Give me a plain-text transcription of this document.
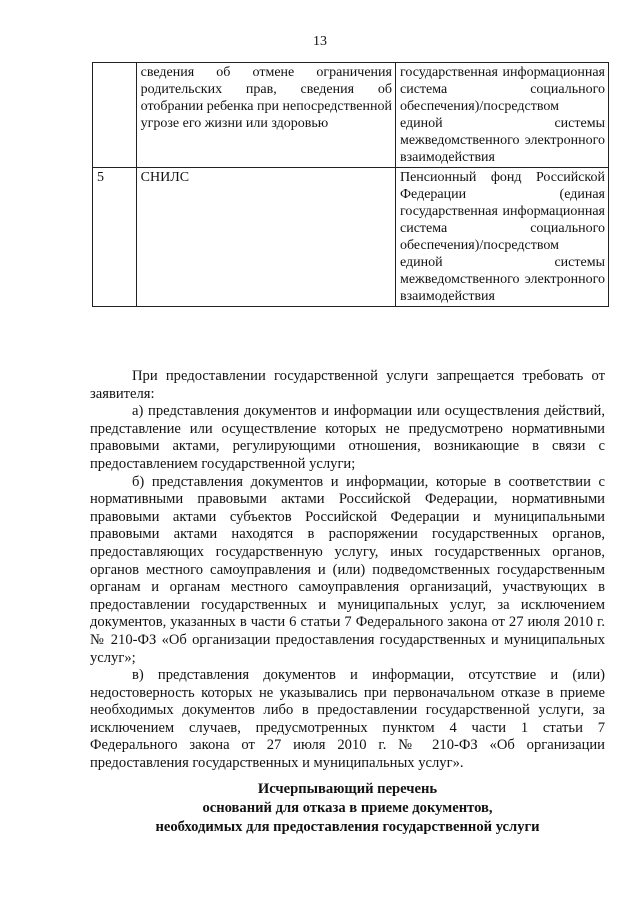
13
	сведения об отмене ограничения родительских прав, сведения об отобрании ребенка при непосредственной угрозе его жизни или здоровью	государственная информационная система социального обеспечения)/посредством единой системы межведомственного электронного взаимодействия
5	СНИЛС	Пенсионный фонд Российской Федерации (единая государственная информационная система социального обеспечения)/посредством единой системы межведомственного электронного взаимодействия

При предоставлении государственной услуги запрещается требовать от заявителя:

а) представления документов и информации или осуществления действий, представление или осуществление которых не предусмотрено нормативными правовыми актами, регулирующими отношения, возникающие в связи с предоставлением государственной услуги;

б) представления документов и информации, которые в соответствии с нормативными правовыми актами Российской Федерации, нормативными правовыми актами субъектов Российской Федерации и муниципальными правовыми актами находятся в распоряжении государственных органов, предоставляющих государственную услугу, иных государственных органов, органов местного самоуправления и (или) подведомственных государственным органам и органам местного самоуправления организаций, участвующих в предоставлении государственных и муниципальных услуг, за исключением документов, указанных в части 6 статьи 7 Федерального закона от 27 июля 2010 г. № 210-ФЗ «Об организации предоставления государственных и муниципальных услуг»;

в) представления документов и информации, отсутствие и (или) недостоверность которых не указывались при первоначальном отказе в приеме необходимых документов либо в предоставлении государственной услуги, за исключением случаев, предусмотренных пунктом 4 части 1 статьи 7 Федерального закона от 27 июля 2010 г. № 210-ФЗ «Об организации предоставления государственных и муниципальных услуг».

Исчерпывающий перечень
оснований для отказа в приеме документов,
необходимых для предоставления государственной услуги
